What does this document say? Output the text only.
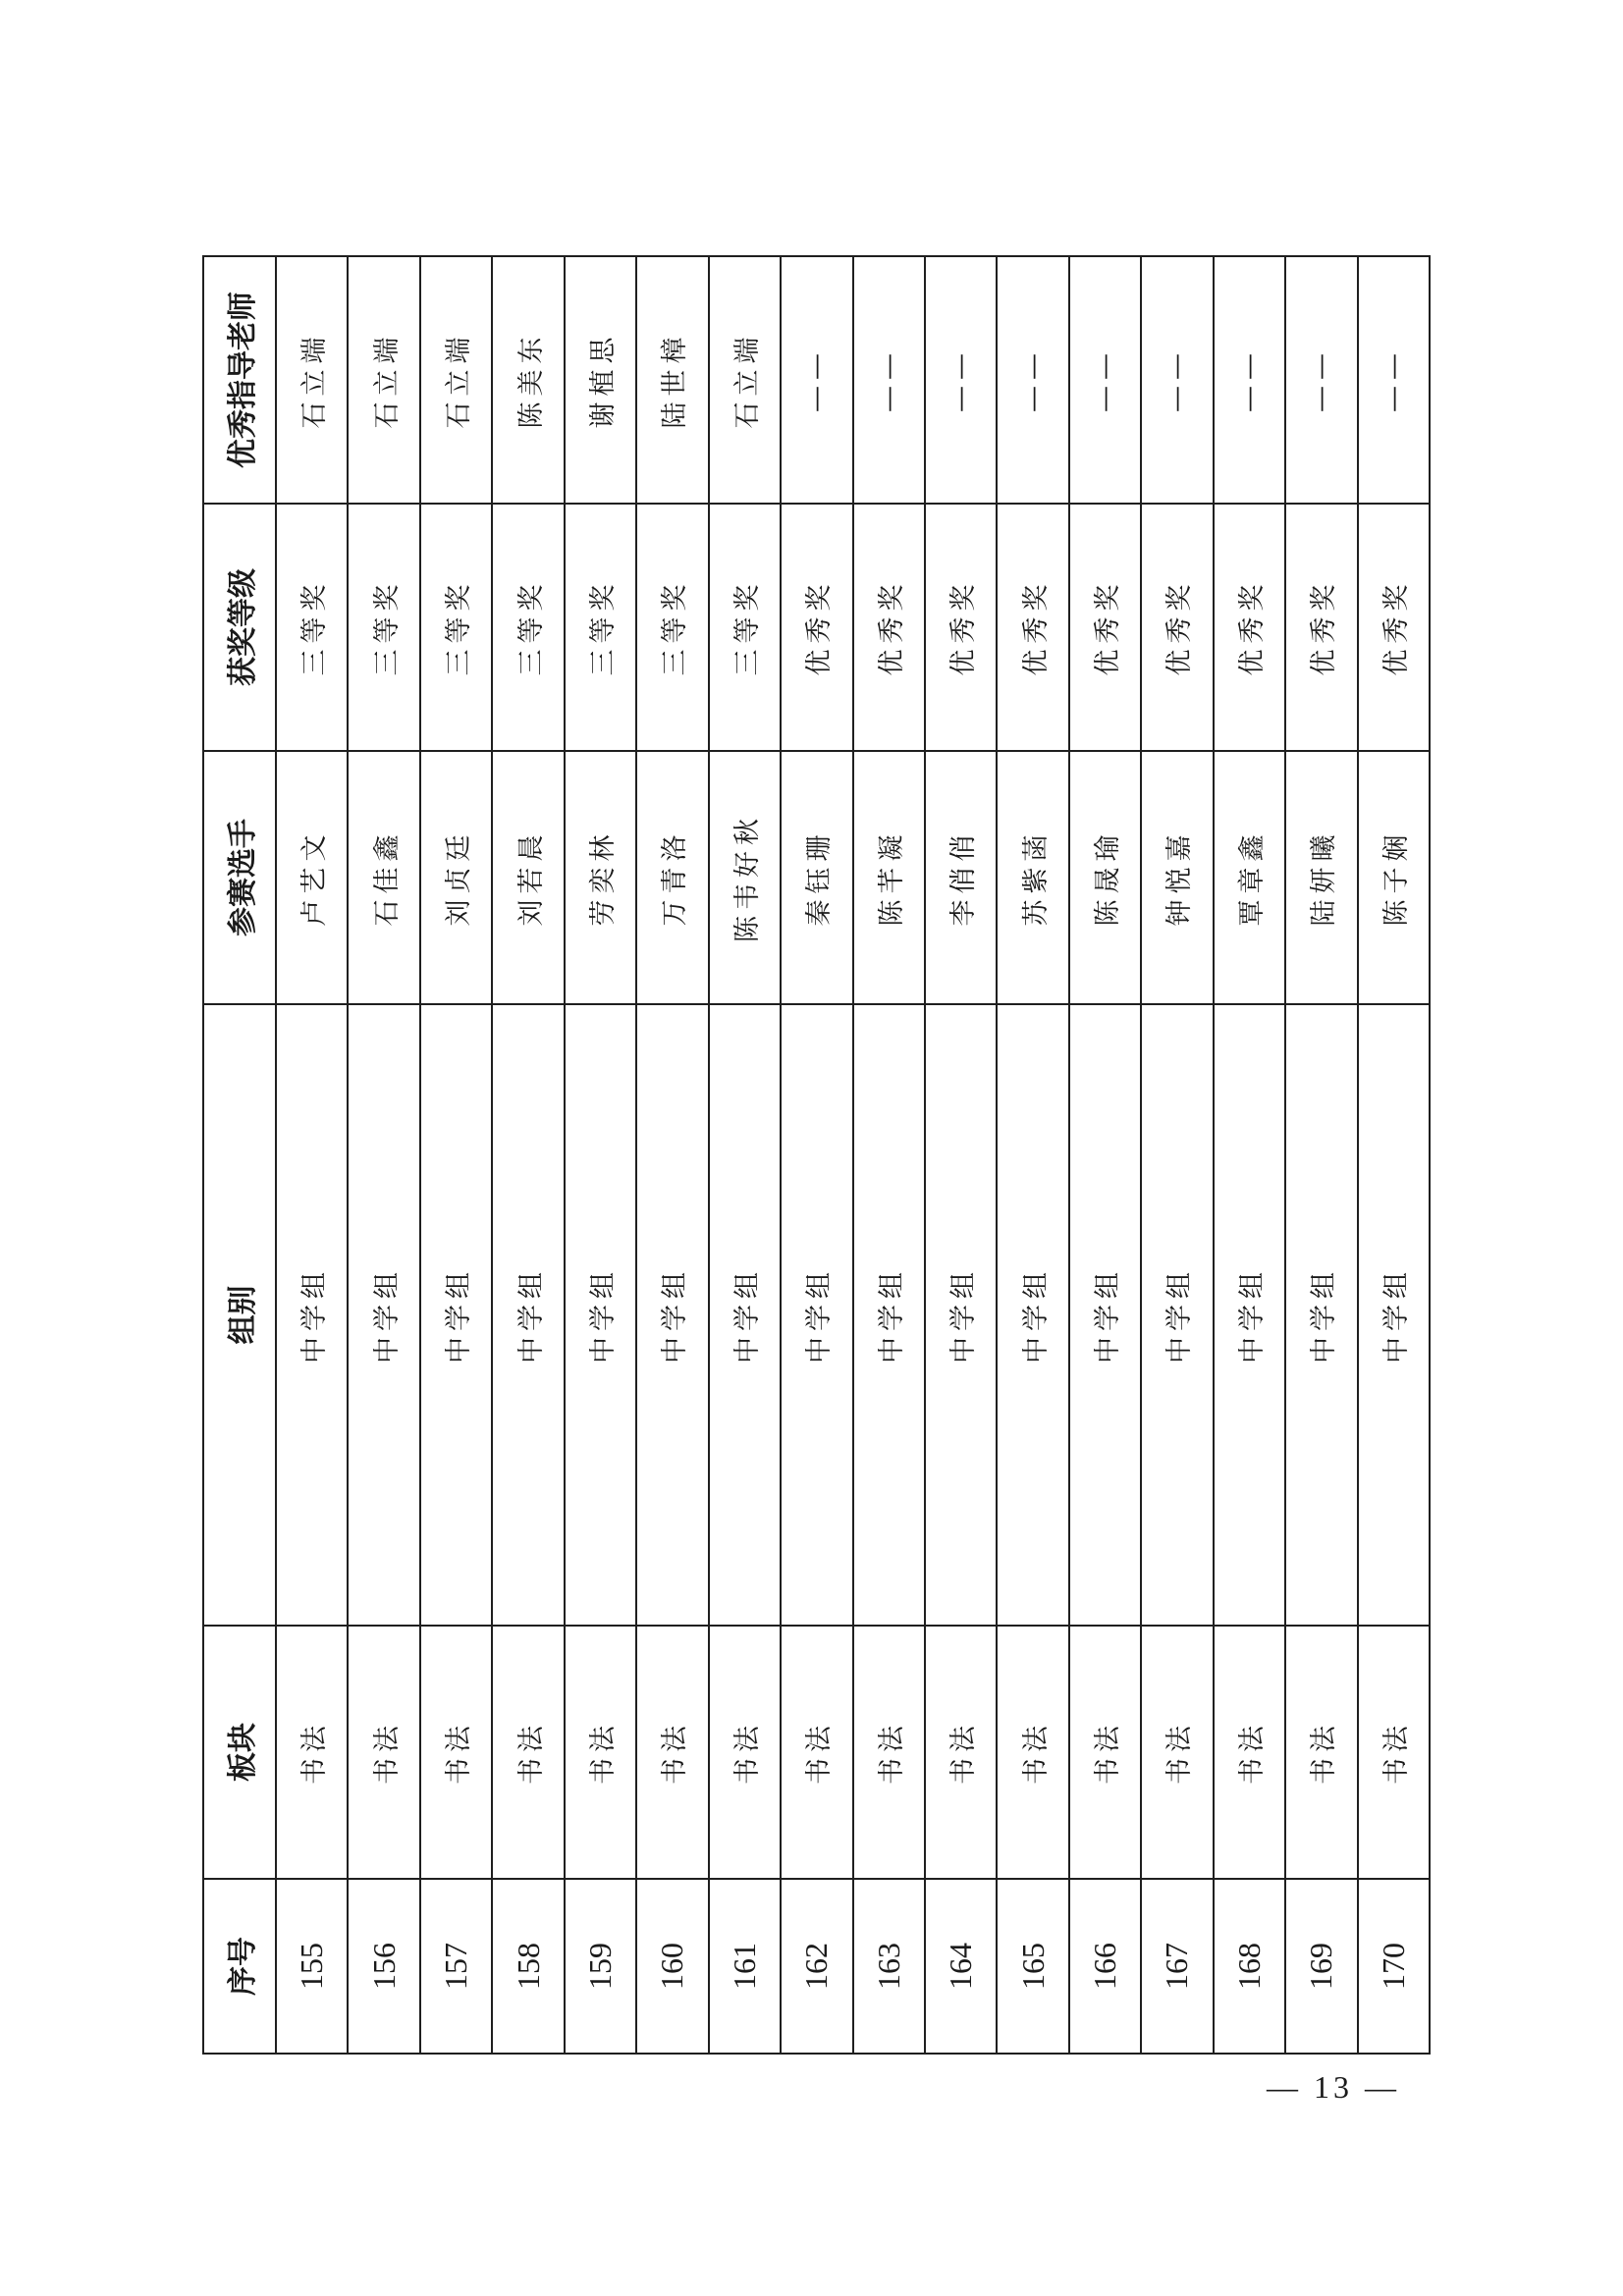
序号	板块	组别	参赛选手	获奖等级	优秀指导老师
155	书法	中学组	卢艺文	三等奖	石立端
156	书法	中学组	石佳鑫	三等奖	石立端
157	书法	中学组	刘贞廷	三等奖	石立端
158	书法	中学组	刘若晨	三等奖	陈美东
159	书法	中学组	劳奕林	三等奖	谢植思
160	书法	中学组	万青洛	三等奖	陆世樟
161	书法	中学组	陈韦好秋	三等奖	石立端
162	书法	中学组	秦钰珊	优秀奖	——
163	书法	中学组	陈芊凝	优秀奖	——
164	书法	中学组	李俏俏	优秀奖	——
165	书法	中学组	苏紫菡	优秀奖	——
166	书法	中学组	陈晟瑜	优秀奖	——
167	书法	中学组	钟悦嘉	优秀奖	——
168	书法	中学组	覃章鑫	优秀奖	——
169	书法	中学组	陆妍曦	优秀奖	——
170	书法	中学组	陈子娴	优秀奖	——
— 13 —
